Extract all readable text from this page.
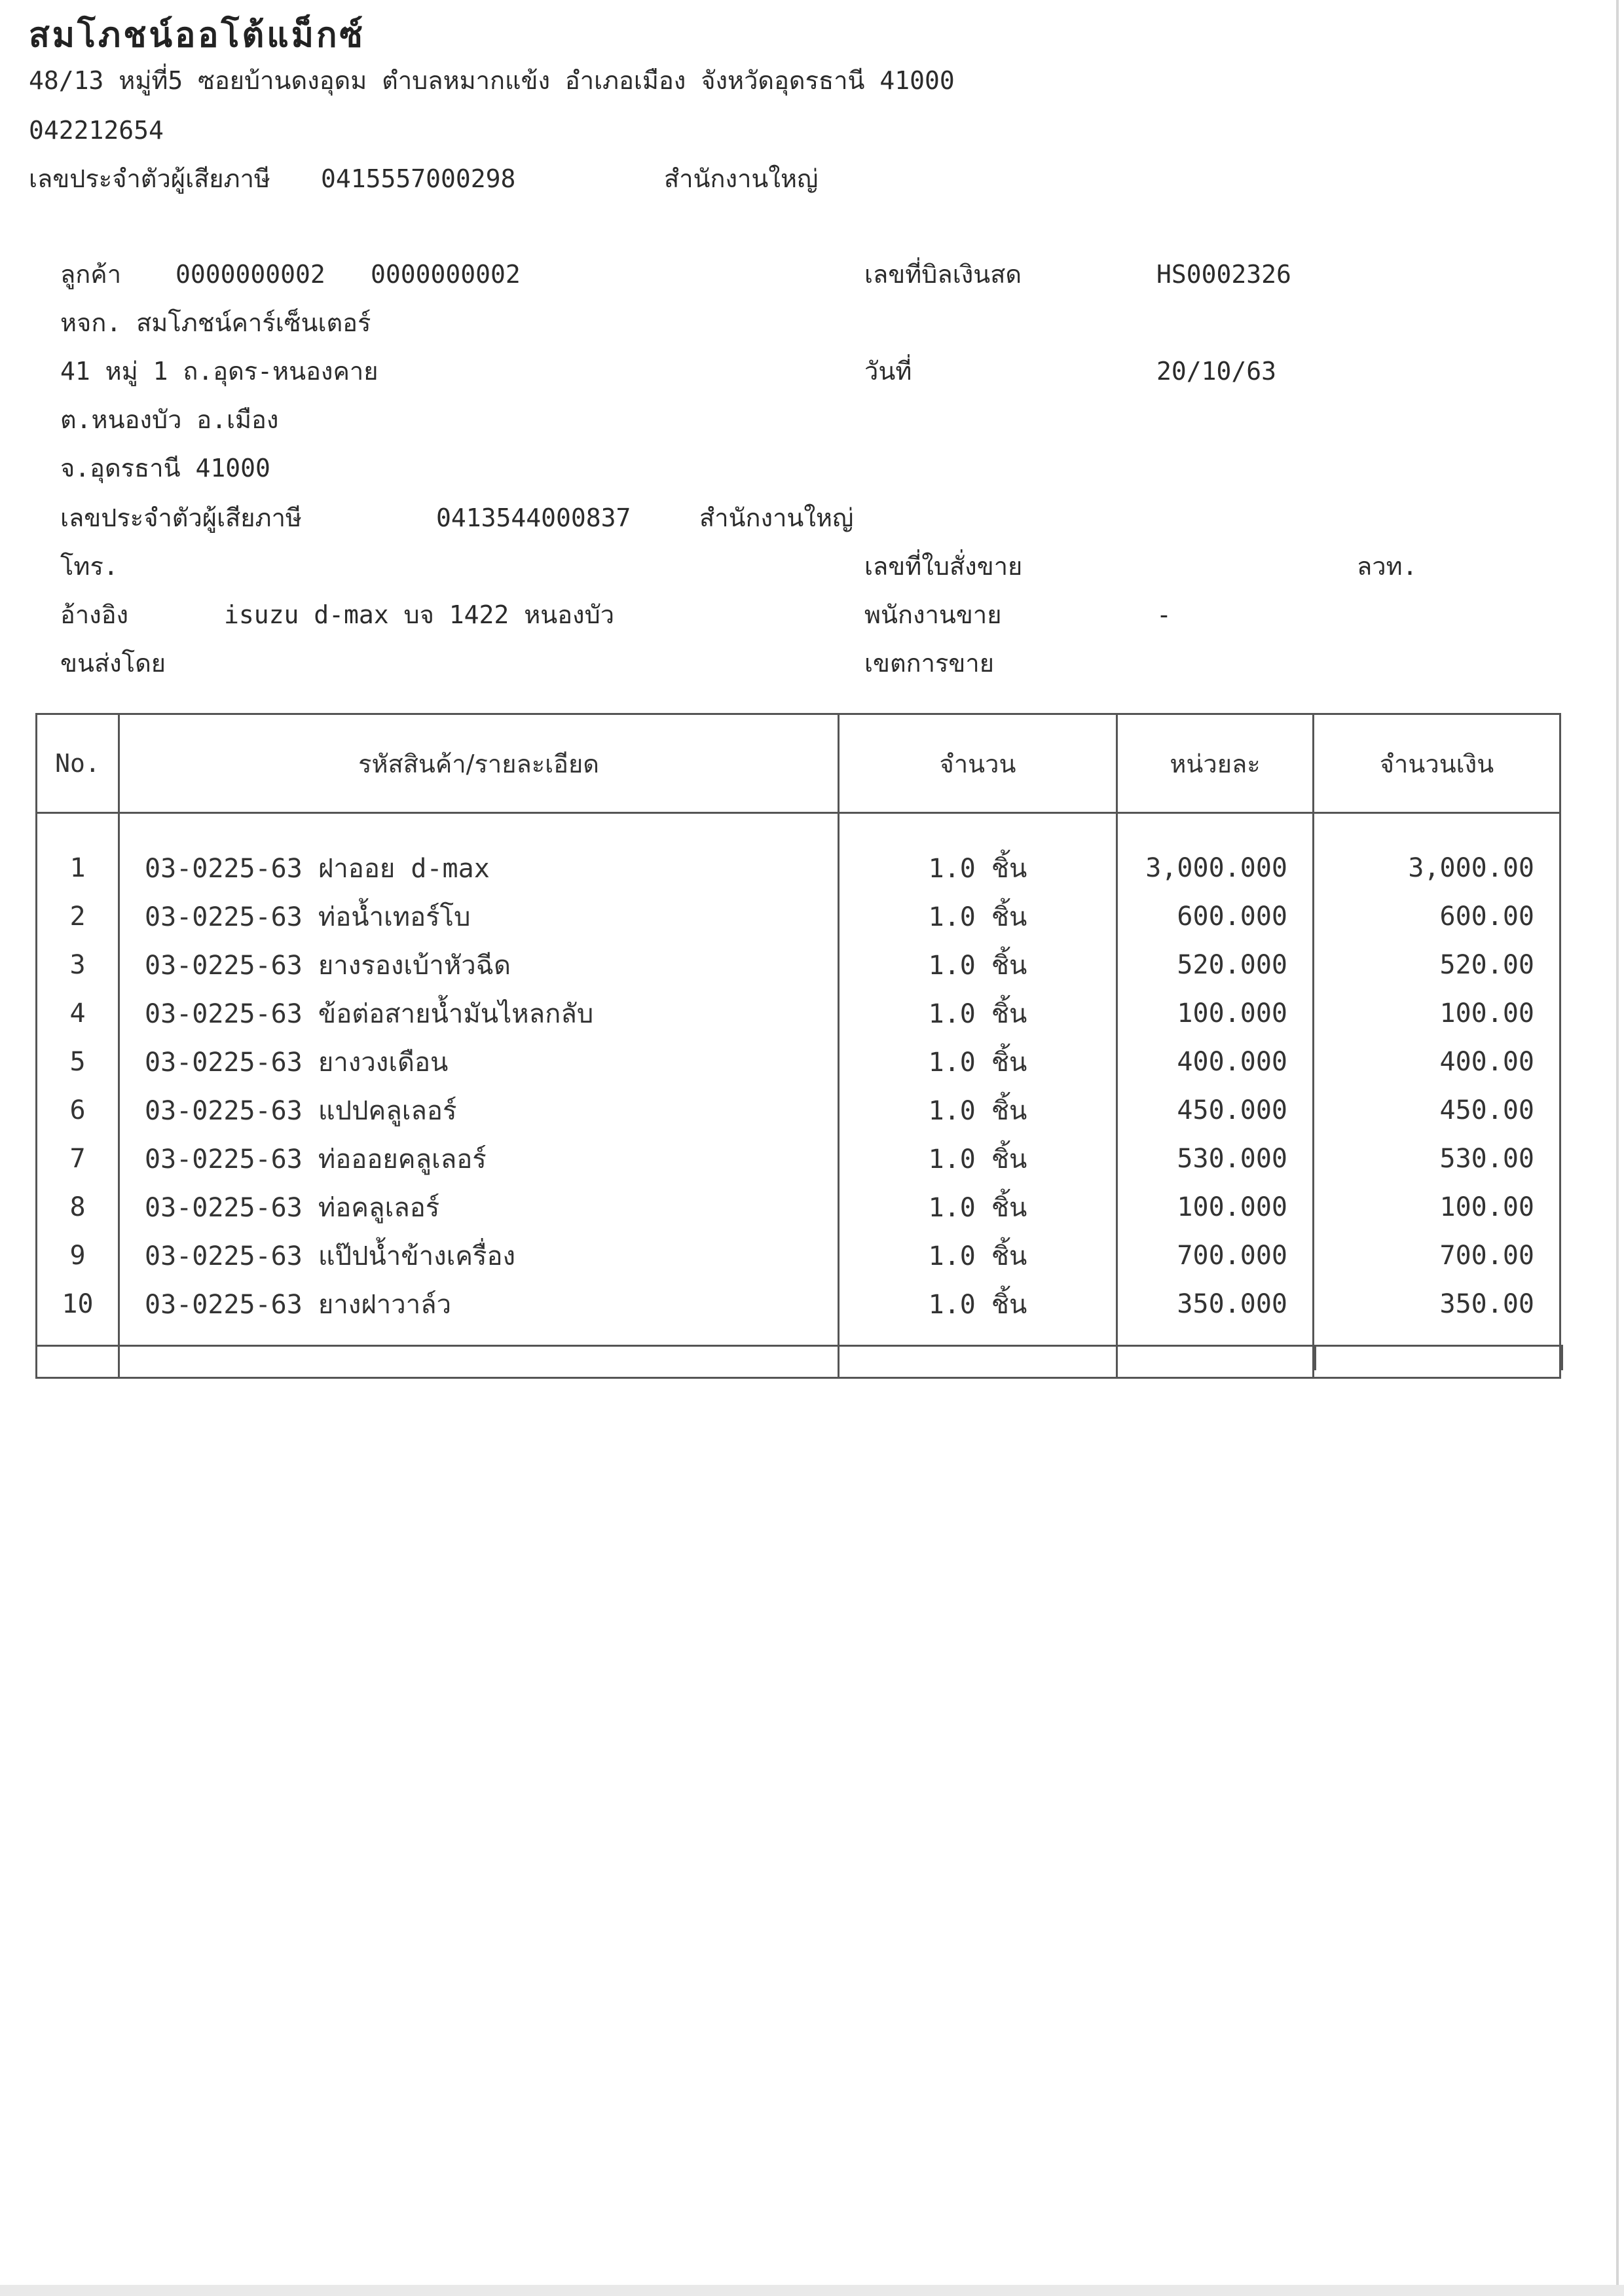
สมโภชน์ออโต้แม็กซ์
48/13 หมู่ที่5 ซอยบ้านดงอุดม ตำบลหมากแข้ง อำเภอเมือง จังหวัดอุดรธานี 41000
042212654
เลขประจำตัวผู้เสียภาษี 0415557000298	สำนักงานใหญ่
ลูกค้า 0000000002 0000000002
หจก. สมโภชน์คาร์เซ็นเตอร์
41 หมู่ 1 ถ.อุดร-หนองคาย
ต.หนองบัว อ.เมือง
จ.อุดรธานี 41000
เลขประจำตัวผู้เสียภาษี	0413544000837	สำนักงานใหญ่
โทร.
อ้างอิง	isuzu d-max บจ 1422 หนองบัว
ขนส่งโดย
เลขที่บิลเงินสด	HS0002326
วันที่	20/10/63
เลขที่ใบสั่งขาย	ลวท.
พนักงานขาย	-
เขตการขาย
No.	รหัสสินค้า/รายละเอียด	จำนวน	หน่วยละ	จำนวนเงิน

1	03-0225-63 ฝาออย d-max	1.0 ชิ้น	3,000.000	3,000.00
2	03-0225-63 ท่อน้ำเทอร์โบ	1.0 ชิ้น	600.000	600.00
3	03-0225-63 ยางรองเบ้าหัวฉีด	1.0 ชิ้น	520.000	520.00
4	03-0225-63 ข้อต่อสายน้ำมันไหลกลับ	1.0 ชิ้น	100.000	100.00
5	03-0225-63 ยางวงเดือน	1.0 ชิ้น	400.000	400.00
6	03-0225-63 แปปคลูเลอร์	1.0 ชิ้น	450.000	450.00
7	03-0225-63 ท่อออยคลูเลอร์	1.0 ชิ้น	530.000	530.00
8	03-0225-63 ท่อคลูเลอร์	1.0 ชิ้น	100.000	100.00
9	03-0225-63 แป๊ปน้ำข้างเครื่อง	1.0 ชิ้น	700.000	700.00
10	03-0225-63 ยางฝาวาล์ว	1.0 ชิ้น	350.000	350.00
